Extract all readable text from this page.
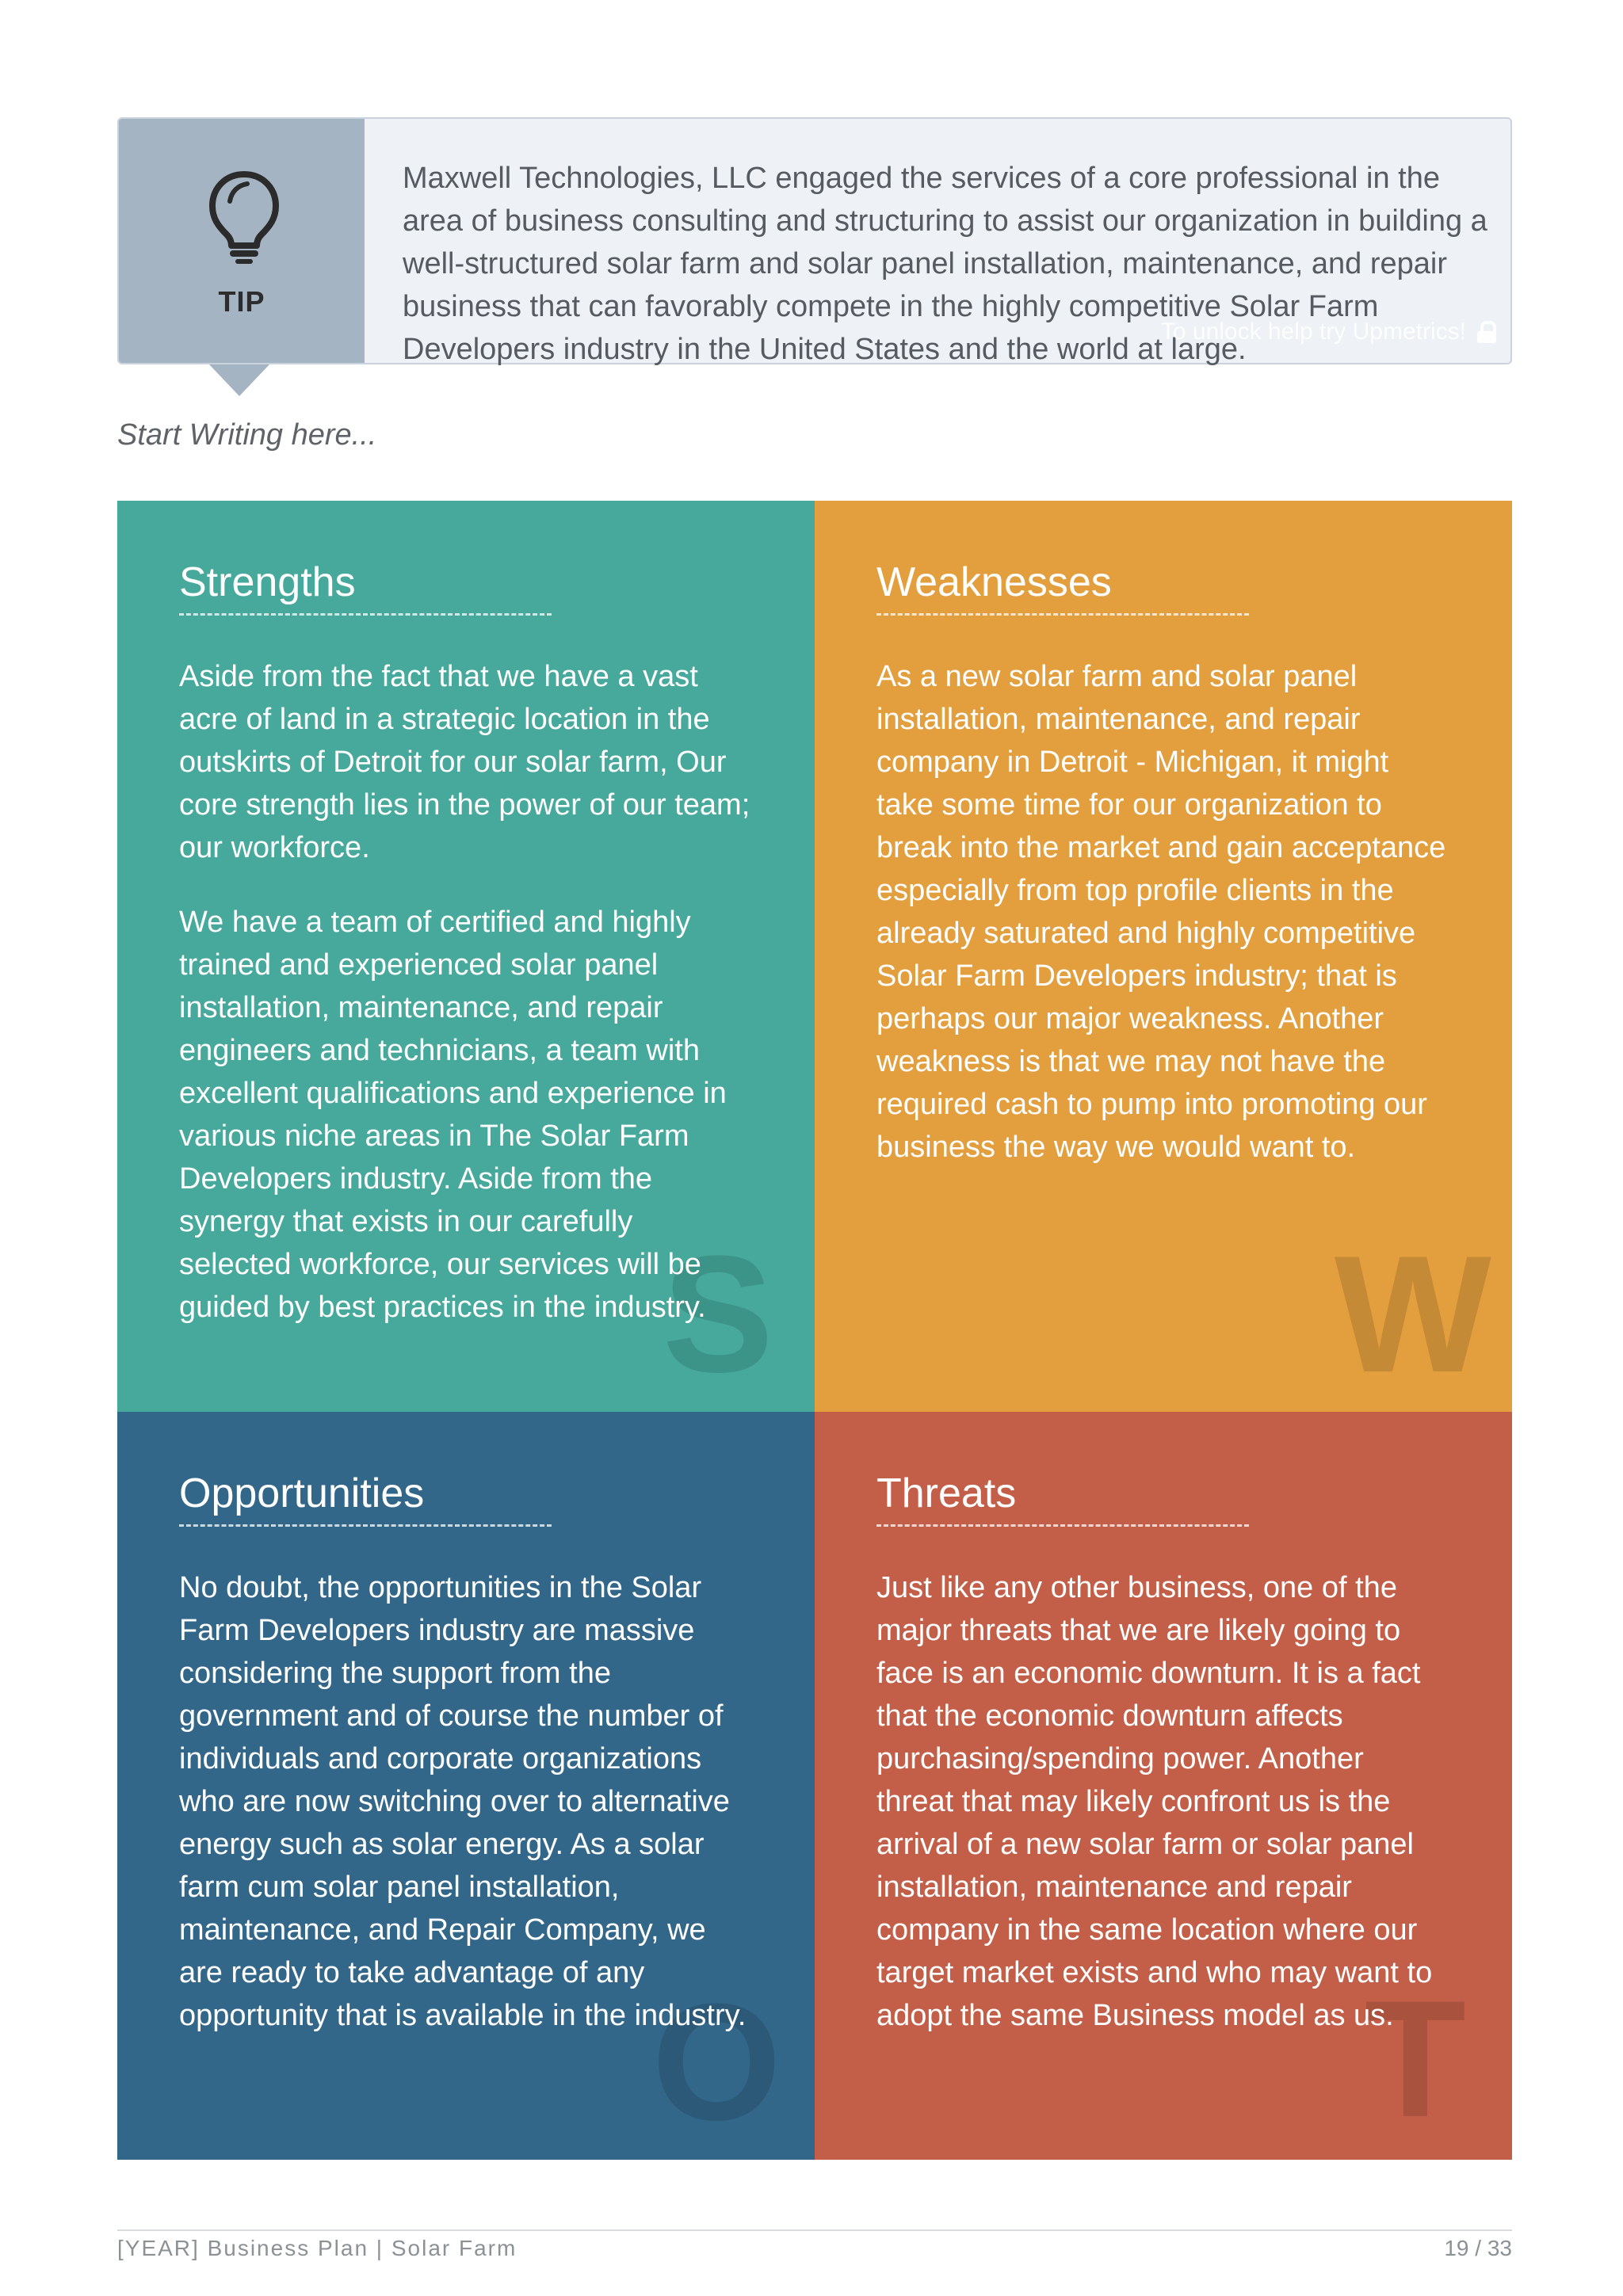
TIP
Maxwell Technologies, LLC engaged the services of a core professional in the area of business consulting and structuring to assist our organization in building a well-structured solar farm and solar panel installation, maintenance, and repair business that can favorably compete in the highly competitive Solar Farm Developers industry in the United States and the world at large.
To unlock help try Upmetrics!
Start Writing here...
Strengths

Aside from the fact that we have a vast acre of land in a strategic location in the outskirts of Detroit for our solar farm, Our core strength lies in the power of our team; our workforce.

We have a team of certified and highly trained and experienced solar panel installation, maintenance, and repair engineers and technicians, a team with excellent qualifications and experience in various niche areas in The Solar Farm Developers industry. Aside from the synergy that exists in our carefully selected workforce, our services will be guided by best practices in the industry.

S
Weaknesses

As a new solar farm and solar panel installation, maintenance, and repair company in Detroit - Michigan, it might take some time for our organization to break into the market and gain acceptance especially from top profile clients in the already saturated and highly competitive Solar Farm Developers industry; that is perhaps our major weakness. Another weakness is that we may not have the required cash to pump into promoting our business the way we would want to.

W
Opportunities

No doubt, the opportunities in the Solar Farm Developers industry are massive considering the support from the government and of course the number of individuals and corporate organizations who are now switching over to alternative energy such as solar energy. As a solar farm cum solar panel installation, maintenance, and Repair Company, we are ready to take advantage of any opportunity that is available in the industry.

O
Threats

Just like any other business, one of the major threats that we are likely going to face is an economic downturn. It is a fact that the economic downturn affects purchasing/spending power. Another threat that may likely confront us is the arrival of a new solar farm or solar panel installation, maintenance and repair company in the same location where our target market exists and who may want to adopt the same Business model as us.

T
[YEAR] Business Plan | Solar Farm	19 / 33
